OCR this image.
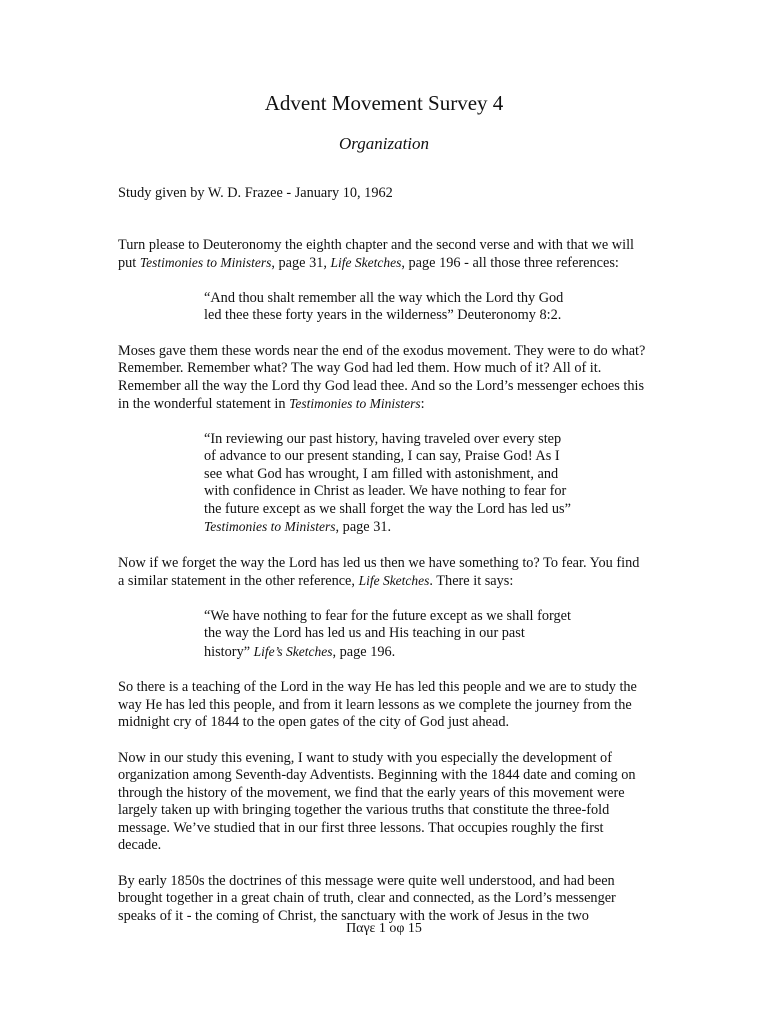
Advent Movement Survey 4
Organization

Study given by W. D. Frazee - January 10, 1962

Turn please to Deuteronomy the eighth chapter and the second verse and with that we will put Testimonies to Ministers, page 31, Life Sketches, page 196 - all those three references:

“And thou shalt remember all the way which the Lord thy God led thee these forty years in the wilderness” Deuteronomy 8:2.

Moses gave them these words near the end of the exodus movement. They were to do what? Remember. Remember what? The way God had led them. How much of it? All of it. Remember all the way the Lord thy God lead thee. And so the Lord’s messenger echoes this in the wonderful statement in Testimonies to Ministers:

“In reviewing our past history, having traveled over every step of advance to our present standing, I can say, Praise God! As I see what God has wrought, I am filled with astonishment, and with confidence in Christ as leader. We have nothing to fear for the future except as we shall forget the way the Lord has led us” Testimonies to Ministers, page 31.

Now if we forget the way the Lord has led us then we have something to? To fear. You find a similar statement in the other reference, Life Sketches. There it says:

“We have nothing to fear for the future except as we shall forget the way the Lord has led us and His teaching in our past history” Life’s Sketches, page 196.

So there is a teaching of the Lord in the way He has led this people and we are to study the way He has led this people, and from it learn lessons as we complete the journey from the midnight cry of 1844 to the open gates of the city of God just ahead.

Now in our study this evening, I want to study with you especially the development of organization among Seventh-day Adventists. Beginning with the 1844 date and coming on through the history of the movement, we find that the early years of this movement were largely taken up with bringing together the various truths that constitute the three-fold message. We’ve studied that in our first three lessons. That occupies roughly the first decade.

By early 1850s the doctrines of this message were quite well understood, and had been brought together in a great chain of truth, clear and connected, as the Lord’s messenger speaks of it - the coming of Christ, the sanctuary with the work of Jesus in the two

Παγε 1 οφ 15
